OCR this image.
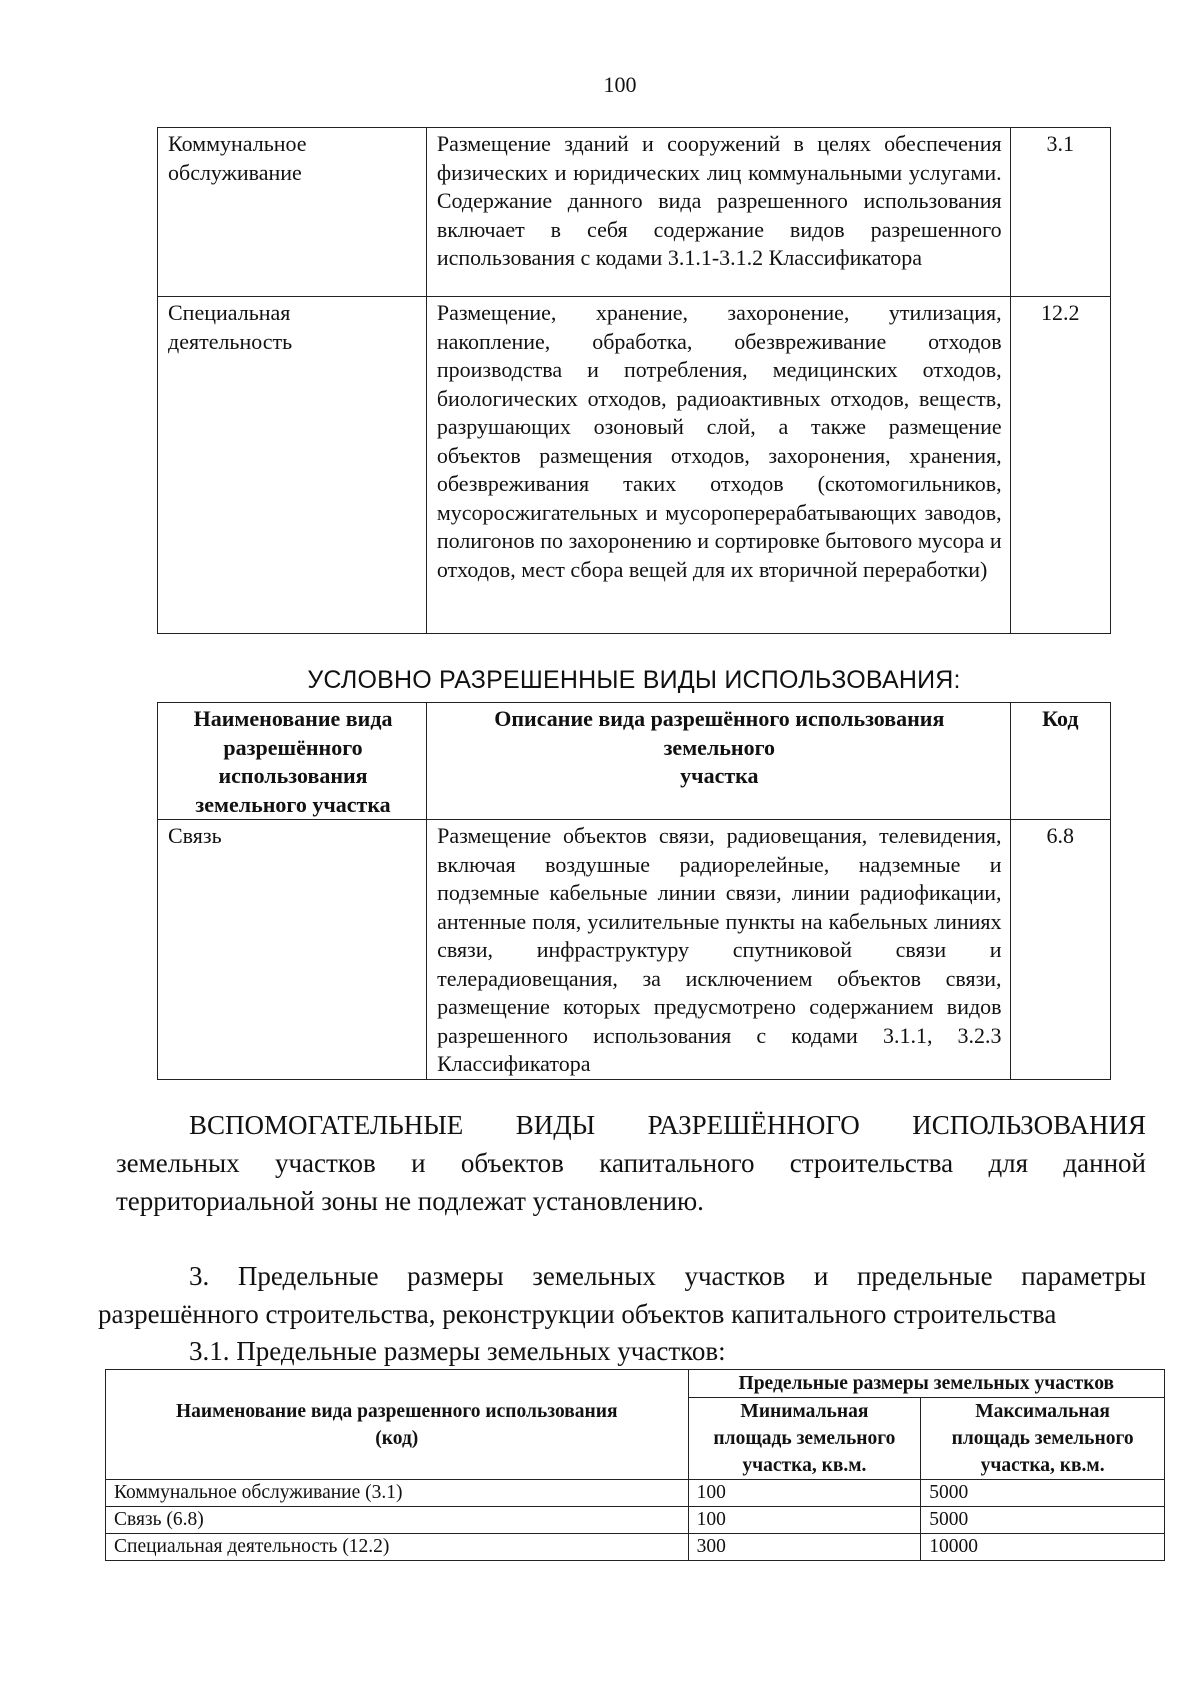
100
Коммунальное
обслуживание	Размещение зданий и сооружений в целях обеспечения физических и юридических лиц коммунальными услугами. Содержание данного вида разрешенного использования включает в себя содержание видов разрешенного использования с кодами 3.1.1-3.1.2 Классификатора	3.1
Специальная
деятельность	Размещение, хранение, захоронение, утилизация, накопление, обработка, обезвреживание отходов производства и потребления, медицинских отходов, биологических отходов, радиоактивных отходов, веществ, разрушающих озоновый слой, а также размещение объектов размещения отходов, захоронения, хранения, обезвреживания таких отходов (скотомогильников, мусоросжигательных и мусороперерабатывающих заводов, полигонов по захоронению и сортировке бытового мусора и отходов, мест сбора вещей для их вторичной переработки)	12.2
УСЛОВНО РАЗРЕШЕННЫЕ ВИДЫ ИСПОЛЬЗОВАНИЯ:
Наименование вида
разрешённого
использования
земельного участка	Описание вида разрешённого использования
земельного
участка	Код
Связь	Размещение объектов связи, радиовещания, телевидения, включая воздушные радиорелейные, надземные и подземные кабельные линии связи, линии радиофикации, антенные поля, усилительные пункты на кабельных линиях связи, инфраструктуру спутниковой связи и телерадиовещания, за исключением объектов связи, размещение которых предусмотрено содержанием видов разрешенного использования с кодами 3.1.1, 3.2.3 Классификатора	6.8
ВСПОМОГАТЕЛЬНЫЕ ВИДЫ РАЗРЕШЁННОГО ИСПОЛЬЗОВАНИЯ
земельных участков и объектов капитального строительства для данной
территориальной зоны не подлежат установлению.
3. Предельные размеры земельных участков и предельные параметры
разрешённого строительства, реконструкции объектов капитального строительства
3.1. Предельные размеры земельных участков:
Наименование вида разрешенного использования
(код)	Предельные размеры земельных участков	
	Минимальная
площадь земельного
участка, кв.м.	Максимальная
площадь земельного
участка, кв.м.
Коммунальное обслуживание (3.1)	100	5000
Связь (6.8)	100	5000
Специальная деятельность (12.2)	300	10000
